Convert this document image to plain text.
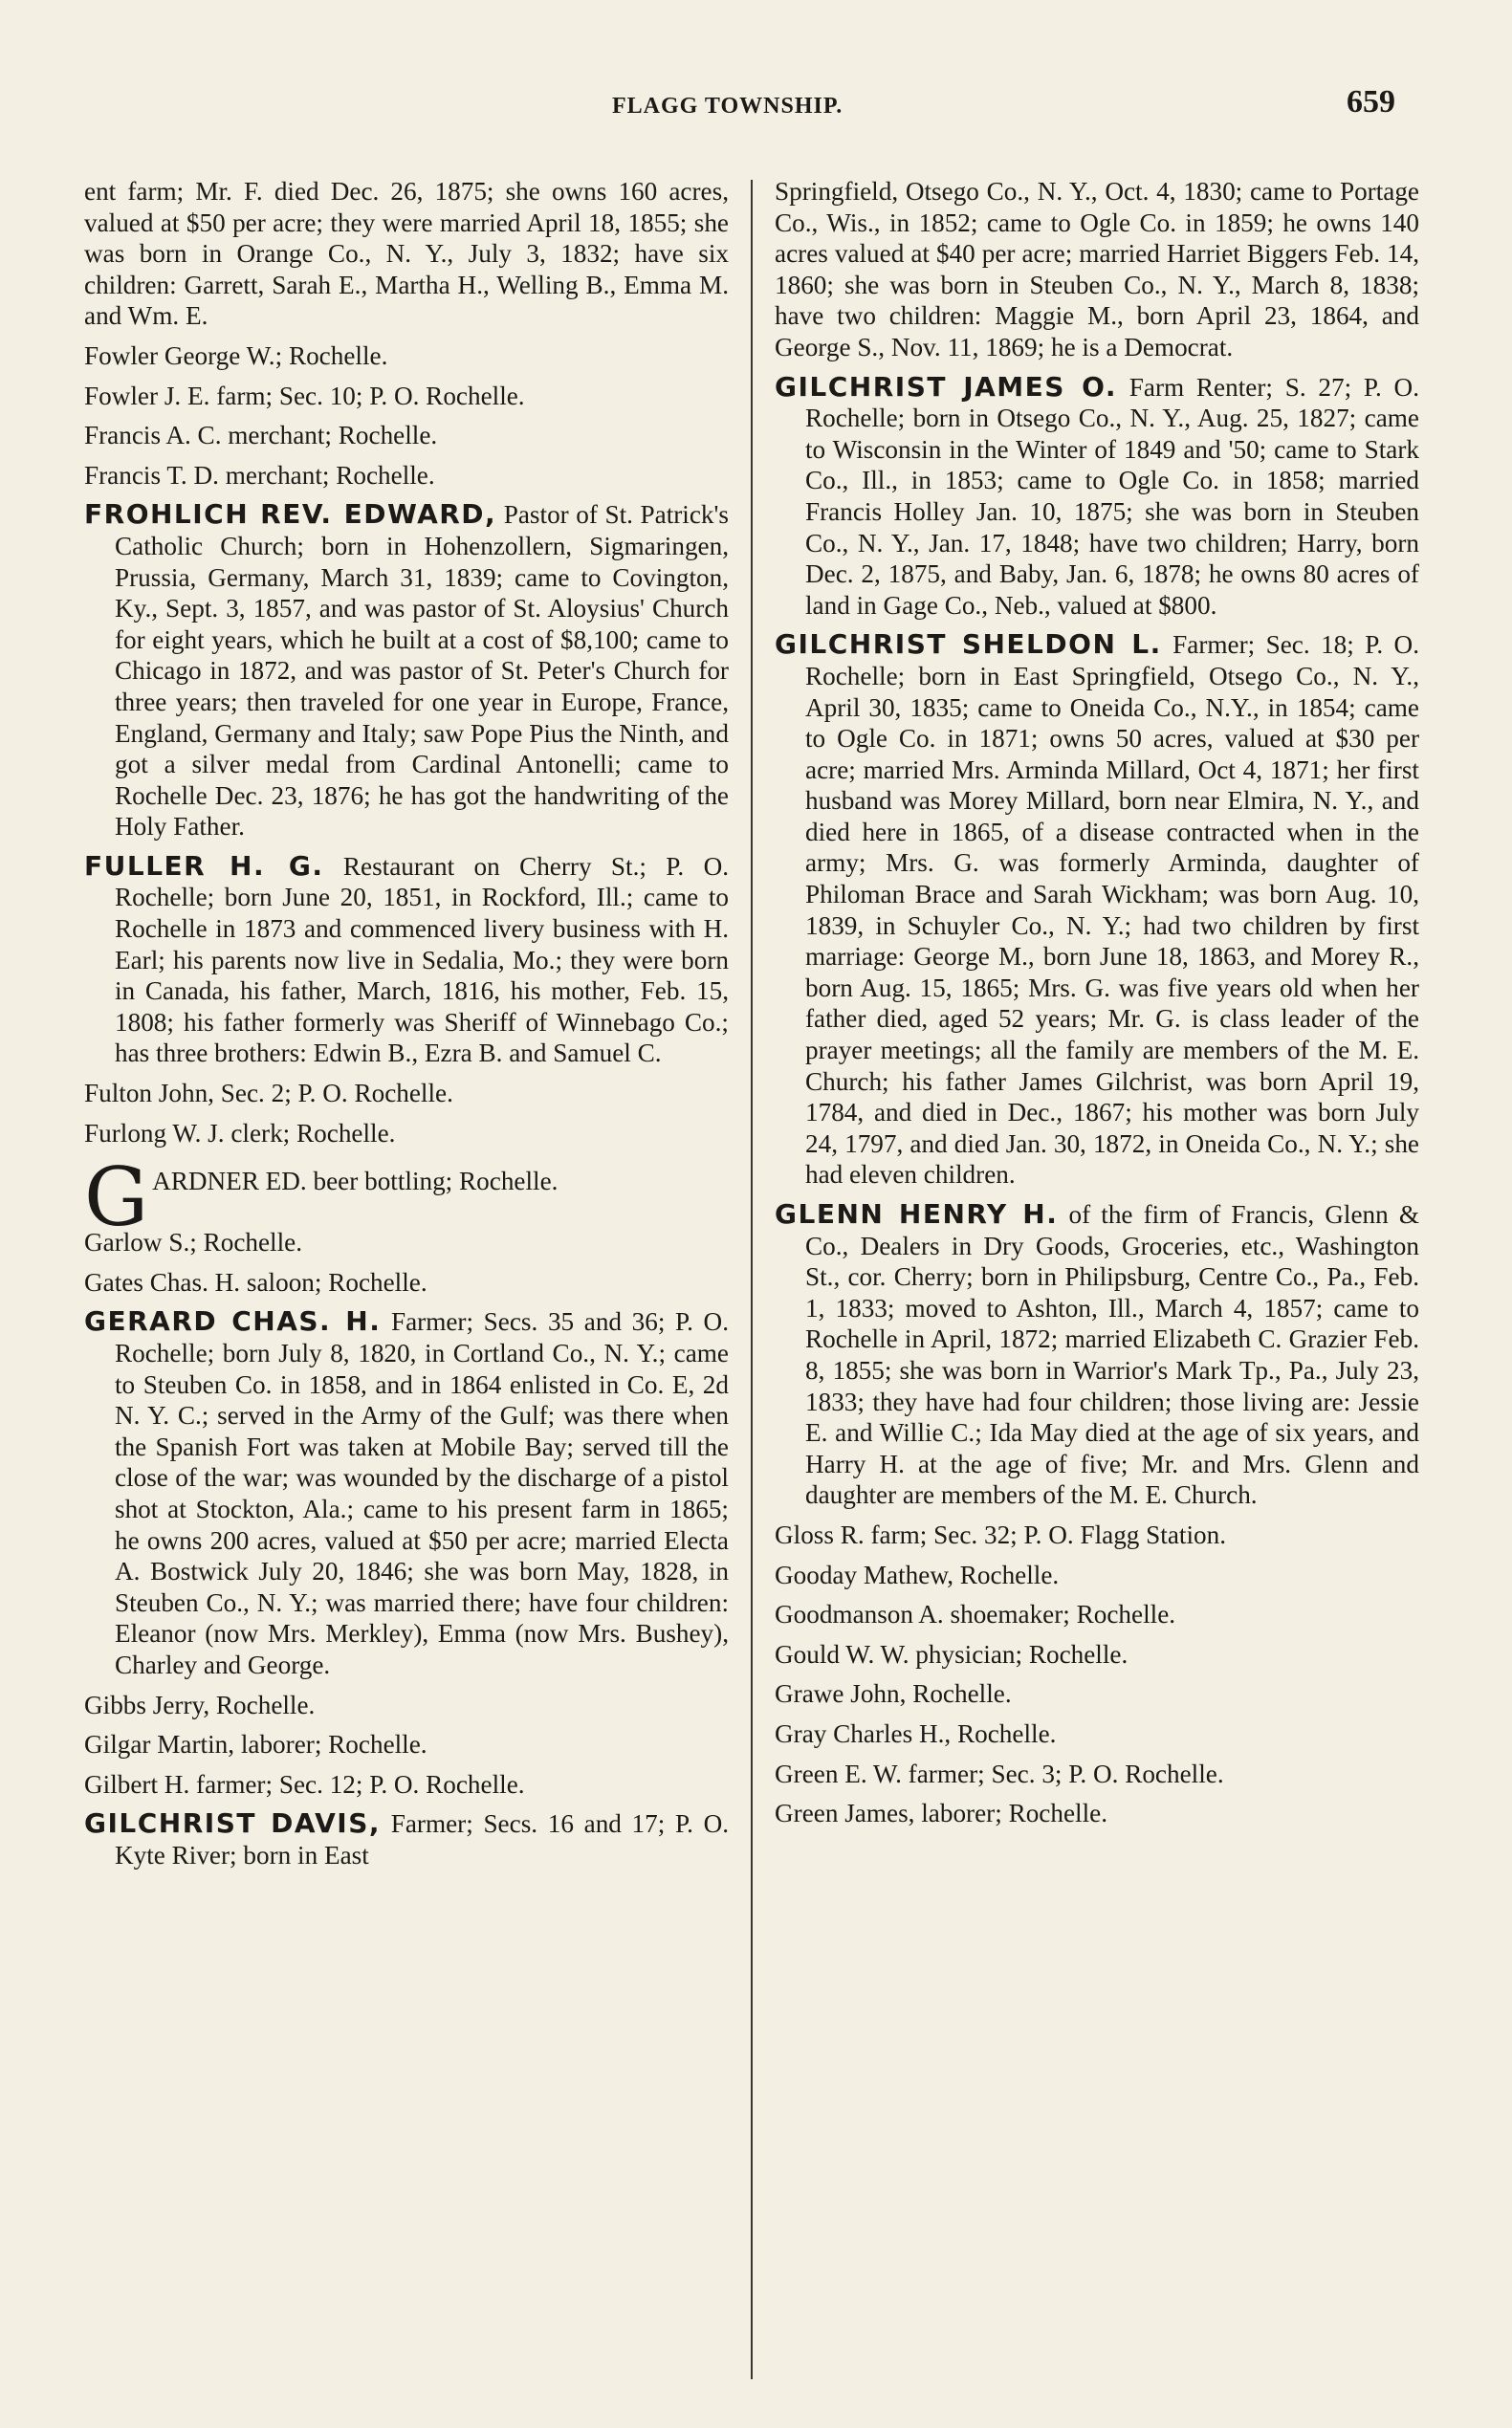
FLAGG TOWNSHIP.	659

ent farm; Mr. F. died Dec. 26, 1875; she owns 160 acres, valued at $50 per acre; they were married April 18, 1855; she was born in Orange Co., N. Y., July 3, 1832; have six children: Garrett, Sarah E., Martha H., Welling B., Emma M. and Wm. E.

Fowler George W.; Rochelle.

Fowler J. E. farm; Sec. 10; P. O. Rochelle.

Francis A. C. merchant; Rochelle.

Francis T. D. merchant; Rochelle.

FROHLICH REV. EDWARD, Pastor of St. Patrick's Catholic Church; born in Hohenzollern, Sigmaringen, Prussia, Germany, March 31, 1839; came to Covington, Ky., Sept. 3, 1857, and was pastor of St. Aloysius' Church for eight years, which he built at a cost of $8,100; came to Chicago in 1872, and was pastor of St. Peter's Church for three years; then traveled for one year in Europe, France, England, Germany and Italy; saw Pope Pius the Ninth, and got a silver medal from Cardinal Antonelli; came to Rochelle Dec. 23, 1876; he has got the handwriting of the Holy Father.

FULLER H. G. Restaurant on Cherry St.; P. O. Rochelle; born June 20, 1851, in Rockford, Ill.; came to Rochelle in 1873 and commenced livery business with H. Earl; his parents now live in Sedalia, Mo.; they were born in Canada, his father, March, 1816, his mother, Feb. 15, 1808; his father formerly was Sheriff of Winnebago Co.; has three brothers: Edwin B., Ezra B. and Samuel C.

Fulton John, Sec. 2; P. O. Rochelle.

Furlong W. J. clerk; Rochelle.

GARDNER ED. beer bottling; Rochelle.

Garlow S.; Rochelle.

Gates Chas. H. saloon; Rochelle.

GERARD CHAS. H. Farmer; Secs. 35 and 36; P. O. Rochelle; born July 8, 1820, in Cortland Co., N. Y.; came to Steuben Co. in 1858, and in 1864 enlisted in Co. E, 2d N. Y. C.; served in the Army of the Gulf; was there when the Spanish Fort was taken at Mobile Bay; served till the close of the war; was wounded by the discharge of a pistol shot at Stockton, Ala.; came to his present farm in 1865; he owns 200 acres, valued at $50 per acre; married Electa A. Bostwick July 20, 1846; she was born May, 1828, in Steuben Co., N. Y.; was married there; have four children: Eleanor (now Mrs. Merkley), Emma (now Mrs. Bushey), Charley and George.

Gibbs Jerry, Rochelle.

Gilgar Martin, laborer; Rochelle.

Gilbert H. farmer; Sec. 12; P. O. Rochelle.

GILCHRIST DAVIS, Farmer; Secs. 16 and 17; P. O. Kyte River; born in East

Springfield, Otsego Co., N. Y., Oct. 4, 1830; came to Portage Co., Wis., in 1852; came to Ogle Co. in 1859; he owns 140 acres valued at $40 per acre; married Harriet Biggers Feb. 14, 1860; she was born in Steuben Co., N. Y., March 8, 1838; have two children: Maggie M., born April 23, 1864, and George S., Nov. 11, 1869; he is a Democrat.

GILCHRIST JAMES O. Farm Renter; S. 27; P. O. Rochelle; born in Otsego Co., N. Y., Aug. 25, 1827; came to Wisconsin in the Winter of 1849 and '50; came to Stark Co., Ill., in 1853; came to Ogle Co. in 1858; married Francis Holley Jan. 10, 1875; she was born in Steuben Co., N. Y., Jan. 17, 1848; have two children; Harry, born Dec. 2, 1875, and Baby, Jan. 6, 1878; he owns 80 acres of land in Gage Co., Neb., valued at $800.

GILCHRIST SHELDON L. Farmer; Sec. 18; P. O. Rochelle; born in East Springfield, Otsego Co., N. Y., April 30, 1835; came to Oneida Co., N.Y., in 1854; came to Ogle Co. in 1871; owns 50 acres, valued at $30 per acre; married Mrs. Arminda Millard, Oct 4, 1871; her first husband was Morey Millard, born near Elmira, N. Y., and died here in 1865, of a disease contracted when in the army; Mrs. G. was formerly Arminda, daughter of Philoman Brace and Sarah Wickham; was born Aug. 10, 1839, in Schuyler Co., N. Y.; had two children by first marriage: George M., born June 18, 1863, and Morey R., born Aug. 15, 1865; Mrs. G. was five years old when her father died, aged 52 years; Mr. G. is class leader of the prayer meetings; all the family are members of the M. E. Church; his father James Gilchrist, was born April 19, 1784, and died in Dec., 1867; his mother was born July 24, 1797, and died Jan. 30, 1872, in Oneida Co., N. Y.; she had eleven children.

GLENN HENRY H. of the firm of Francis, Glenn & Co., Dealers in Dry Goods, Groceries, etc., Washington St., cor. Cherry; born in Philipsburg, Centre Co., Pa., Feb. 1, 1833; moved to Ashton, Ill., March 4, 1857; came to Rochelle in April, 1872; married Elizabeth C. Grazier Feb. 8, 1855; she was born in Warrior's Mark Tp., Pa., July 23, 1833; they have had four children; those living are: Jessie E. and Willie C.; Ida May died at the age of six years, and Harry H. at the age of five; Mr. and Mrs. Glenn and daughter are members of the M. E. Church.

Gloss R. farm; Sec. 32; P. O. Flagg Station.

Gooday Mathew, Rochelle.

Goodmanson A. shoemaker; Rochelle.

Gould W. W. physician; Rochelle.

Grawe John, Rochelle.

Gray Charles H., Rochelle.

Green E. W. farmer; Sec. 3; P. O. Rochelle.

Green James, laborer; Rochelle.
